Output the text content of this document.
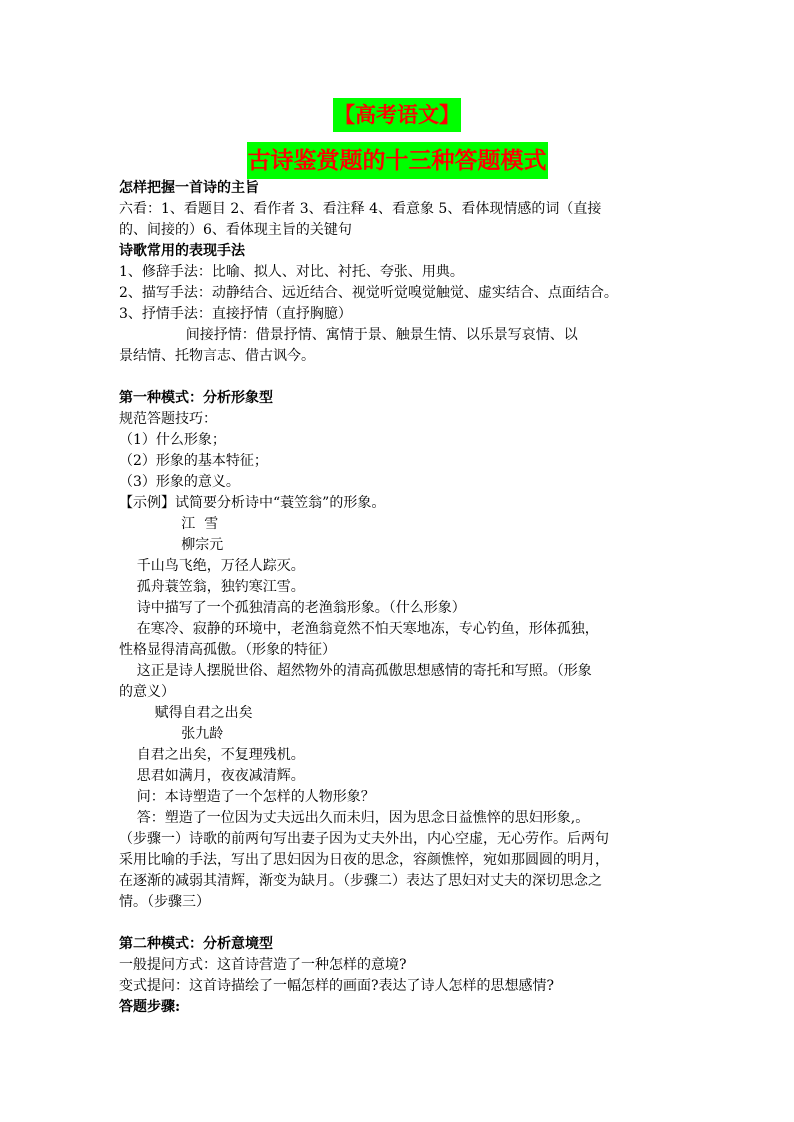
【高考语文】
古诗鉴赏题的十三种答题模式
怎样把握一首诗的主旨
六看：1、看题目 2、看作者 3、看注释 4、看意象 5、看体现情感的词（直接
的、间接的）6、看体现主旨的关键句
诗歌常用的表现手法
1、修辞手法：比喻、拟人、对比、衬托、夸张、用典。
2、描写手法：动静结合、远近结合、视觉听觉嗅觉触觉、虚实结合、点面结合。
3、抒情手法：直接抒情（直抒胸臆）
间接抒情：借景抒情、寓情于景、触景生情、以乐景写哀情、以
景结情、托物言志、借古讽今。
第一种模式：分析形象型
规范答题技巧：
（1）什么形象；
（2）形象的基本特征；
（3）形象的意义。
【示例】试简要分析诗中“蓑笠翁”的形象。
江  雪
柳宗元
千山鸟飞绝，万径人踪灭。
孤舟蓑笠翁，独钓寒江雪。
诗中描写了一个孤独清高的老渔翁形象。（什么形象）
在寒冷、寂静的环境中，老渔翁竟然不怕天寒地冻，专心钓鱼，形体孤独，
性格显得清高孤傲。（形象的特征）
这正是诗人摆脱世俗、超然物外的清高孤傲思想感情的寄托和写照。（形象
的意义）
赋得自君之出矣
张九龄
自君之出矣，不复理残机。
思君如满月，夜夜减清辉。
问：本诗塑造了一个怎样的人物形象？
答：塑造了一位因为丈夫远出久而未归，因为思念日益憔悴的思妇形象,。
（步骤一）诗歌的前两句写出妻子因为丈夫外出，内心空虚，无心劳作。后两句
采用比喻的手法，写出了思妇因为日夜的思念，容颜憔悴，宛如那圆圆的明月，
在逐渐的减弱其清辉，渐变为缺月。（步骤二）表达了思妇对丈夫的深切思念之
情。（步骤三）
第二种模式：分析意境型
一般提问方式：这首诗营造了一种怎样的意境?
变式提问：这首诗描绘了一幅怎样的画面?表达了诗人怎样的思想感情?
答题步骤:
